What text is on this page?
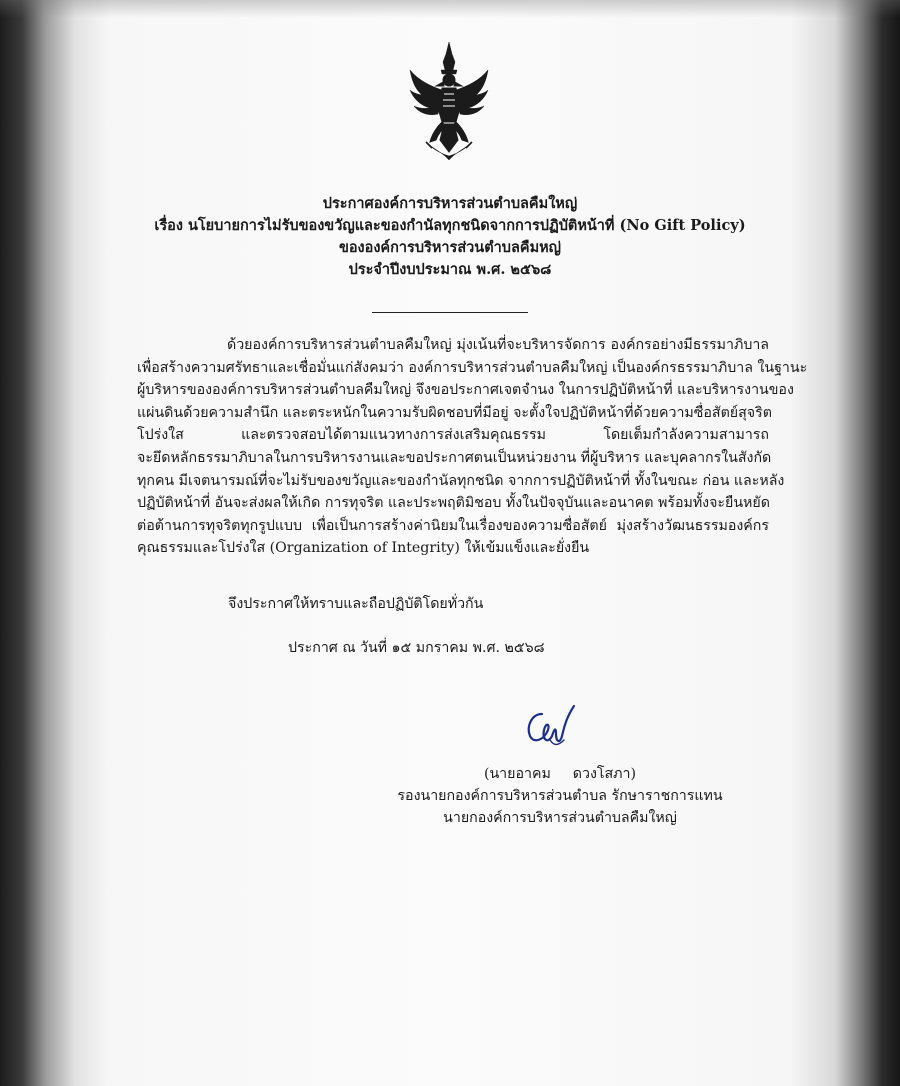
ประกาศองค์การบริหารส่วนตำบลคืมใหญ่
เรื่อง นโยบายการไม่รับของขวัญและของกำนัลทุกชนิดจากการปฏิบัติหน้าที่ (No Gift Policy)
ขององค์การบริหารส่วนตำบลคืมหญ่
ประจำปีงบประมาณ พ.ศ. ๒๕๖๘
ด้วยองค์การบริหารส่วนตำบลคืมใหญ่ มุ่งเน้นที่จะบริหารจัดการ องค์กรอย่างมีธรรมาภิบาล
เพื่อสร้างความศรัทธาและเชื่อมั่นแก่สังคมว่า องค์การบริหารส่วนตำบลคืมใหญ่ เป็นองค์กรธรรมาภิบาล ในฐานะ
ผู้บริหารขององค์การบริหารส่วนตำบลคืมใหญ่ จึงขอประกาศเจตจำนง ในการปฏิบัติหน้าที่ และบริหารงานของ
แผ่นดินด้วยความสำนึก และตระหนักในความรับผิดชอบที่มีอยู่ จะตั้งใจปฏิบัติหน้าที่ด้วยความซื่อสัตย์สุจริต
โปร่งใส และตรวจสอบได้ตามแนวทางการส่งเสริมคุณธรรม โดยเต็มกำลังความสามารถ
จะยึดหลักธรรมาภิบาลในการบริหารงานและขอประกาศตนเป็นหน่วยงาน ที่ผู้บริหาร และบุคลากรในสังกัด
ทุกคน มีเจตนารมณ์ที่จะไม่รับของขวัญและของกำนัลทุกชนิด จากการปฏิบัติหน้าที่ ทั้งในขณะ ก่อน และหลัง
ปฏิบัติหน้าที่ อันจะส่งผลให้เกิด การทุจริต และประพฤติมิชอบ ทั้งในปัจจุบันและอนาคต พร้อมทั้งจะยืนหยัด
ต่อต้านการทุจริตทุกรูปแบบ เพื่อเป็นการสร้างค่านิยมในเรื่องของความซื่อสัตย์ มุ่งสร้างวัฒนธรรมองค์กร
คุณธรรมและโปร่งใส (Organization of Integrity) ให้เข้มแข็งและยั่งยืน
จึงประกาศให้ทราบและถือปฏิบัติโดยทั่วกัน
ประกาศ ณ วันที่ ๑๕ มกราคม พ.ศ. ๒๕๖๘
(นายอาคม ดวงโสภา)
รองนายกองค์การบริหารส่วนตำบล รักษาราชการแทน
นายกองค์การบริหารส่วนตำบลคืมใหญ่
